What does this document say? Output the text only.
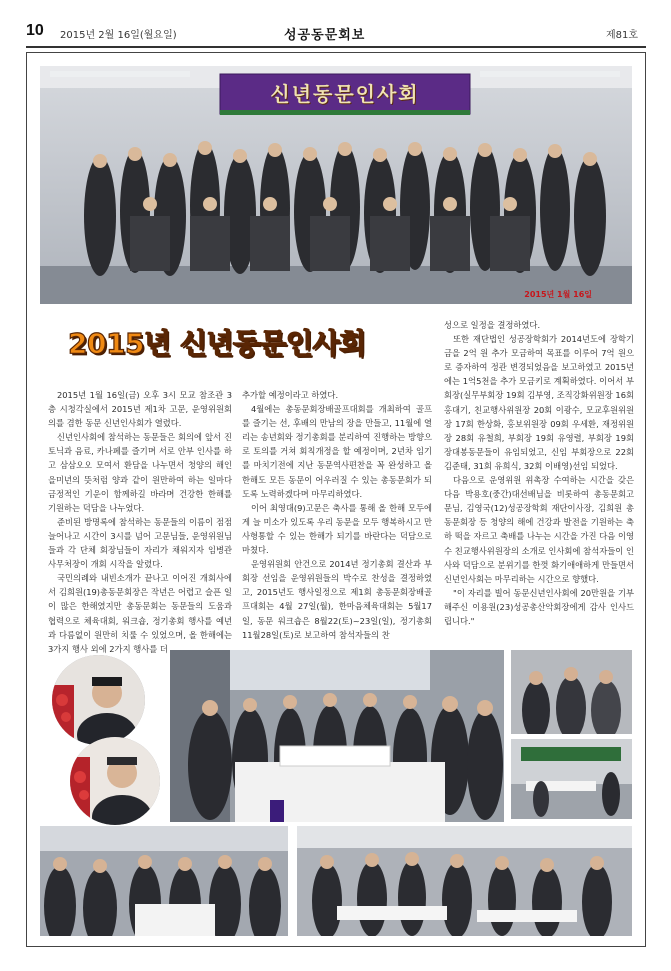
10 2015년 2월 16일(월요일)	성공동문회보	제81호
신년동문인사회
2015년 1월 16일
2015년 신년동문인사회

2015년 1월 16일(금) 오후 3시 모교 참조관 3층 시청각실에서 2015년 제1차 고문, 운영위원회의를 겸한 동문 신년인사회가 열렸다.

신년인사회에 참석하는 동문들은 회의에 앞서 진토닉과 음료, 카나페를 즐기며 서로 안부 인사를 하고 삼삼오오 모여서 환담을 나누면서 청양의 해인 을미년의 뜻처럼 양과 같이 원만하여 하는 일마다 금정적인 기운이 함께하길 바라며 건강한 한해를 기원하는 덕담을 나누었다.

준비된 방명록에 참석하는 동문들의 이름이 점점 늘어나고 시간이 3시를 넘어 고문님들, 운영위원님들과 각 단체 회장님들이 자리가 채워지자 임병관 사무처장이 개회 시작을 알렸다.

국민의례와 내빈소개가 끝나고 이어진 개회사에서 김희원(19)총동문회장은 작년은 어렵고 슬픈 일이 많은 한해였지만 총동문회는 동문들의 도움과 협력으로 체육대회, 워크숍, 정기총회 행사를 예년과 다름없이 원만히 치룰 수 있었으며, 올 한해에는 3가지 행사 외에 2가지 행사를 더

추가할 예정이라고 하였다.

4월에는 총동문회장배골프대회를 개최하여 골프를 즐기는 선, 후배의 만남의 장을 만들고, 11월에 열리는 송년회와 정기총회를 분리하여 진행하는 방향으로 토의를 거쳐 회칙개정을 할 예정이며, 2년차 임기를 마치기전에 지난 동문역사편찬을 꼭 완성하고 올 한해도 모든 동문이 어우러질 수 있는 총동문회가 되도록 노력하겠다며 마무리하였다.

이어 최영대(9)고문은 축사를 통해 올 한해 모두에게 늘 미소가 있도록 우리 동문을 모두 행복하시고 만사형통할 수 있는 한해가 되기를 바란다는 덕담으로 마쳤다.

운영위원회 안건으로 2014년 정기총회 결산과 부회장 선임을 운영위원들의 박수로 찬성을 결정하였고, 2015년도 행사일정으로 제1회 총동문회장배골프대회는 4월 27일(월), 한마음체육대회는 5월17일, 동문 워크숍은 8월22(토)~23일(일), 정기총회 11월28일(토)로 보고하여 참석자들의 찬

성으로 일정을 결정하였다.

또한 재단법인 성공장학회가 2014년도에 장학기금을 2억 원 추가 모금하여 목표를 이루어 7억 원으로 증자하여 정관 변경되었음을 보고하였고 2015년에는 1억5천을 추가 모금키로 계획하였다. 이어서 부회장(실무부회장 19회 김부영, 조직강화위원장 16회 홍대기, 친교행사위원장 20회 이광수, 모교후원위원장 17회 한상화, 홍보위원장 09회 우세환, 재정위원장 28회 유철희, 부회장 19회 유영렬, 부회장 19회 장대봉동문들이 유임되었고, 신임 부회장으로 22회 김준태, 31회 유희식, 32회 이배영)선임 되었다.

다음으로 운영위원 위촉장 수여하는 시간을 갖은 다음 박용호(중간)대선배님을 비롯하여 총동문회고문님, 김영국(12)성공장학회 재단이사장, 김희원 총동문회장 등 청양의 해에 건강과 발전을 기원하는 축하 떡을 자르고 축배를 나누는 시간을 가진 다음 이영수 친교행사위원장의 소개로 인사회에 참석자들이 인사와 덕담으로 분위기를 한껏 화기애애하게 만들면서 신년인사회는 마무리하는 시간으로 향했다.

"이 자리를 빌어 동문신년인사회에 20만원을 기부해주신 이용원(23)성공총산악회장에게 감사 인사드립니다."
